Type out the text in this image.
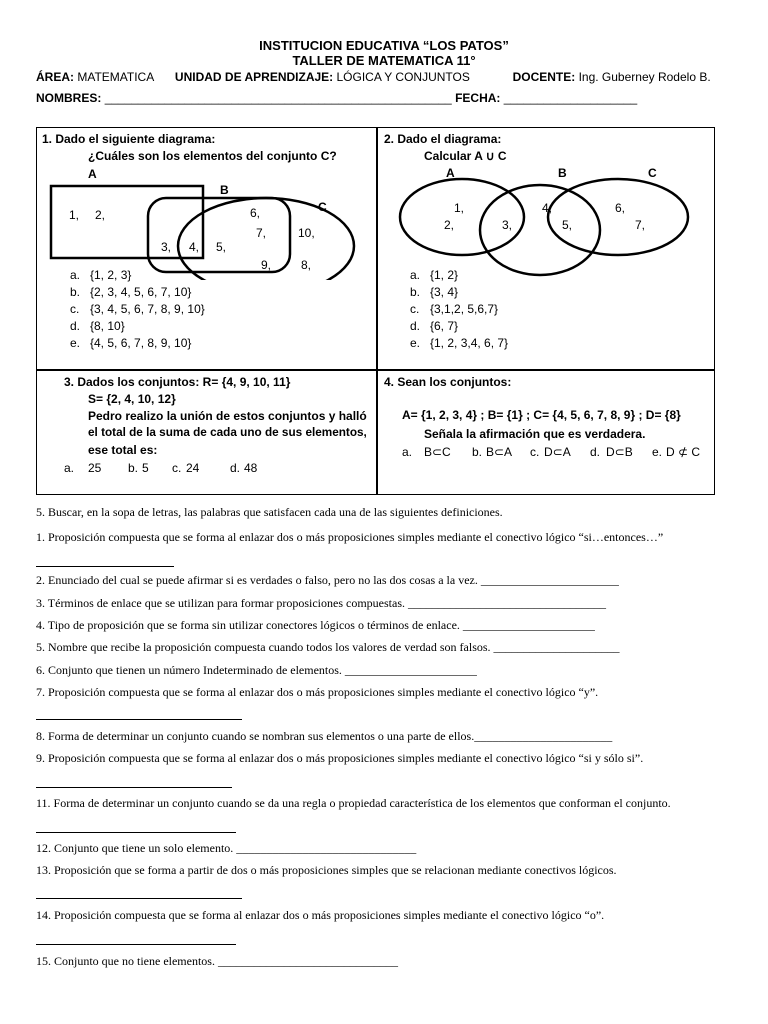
INSTITUCION EDUCATIVA “LOS PATOS”
TALLER DE MATEMATICA 11°
ÁREA: MATEMATICA UNIDAD DE APRENDIZAJE: LÓGICA Y CONJUNTOS	DOCENTE: Ing. Guberney Rodelo B.
NOMBRES: ____________________________________________________ FECHA: ____________________
1. Dado el siguiente diagrama:
¿Cuáles son los elementos del conjunto C?
A
B
C
1, 2,	6,
7,	10,
3, 4, 5,
9, 8,
a. {1, 2, 3}
b. {2, 3, 4, 5, 6, 7, 10}
c. {3, 4, 5, 6, 7, 8, 9, 10}
d. {8, 10}
e. {4, 5, 6, 7, 8, 9, 10}
2. Dado el diagrama:
Calcular A ∪ C
A	B	C
1,
2,	3,
4,
5,
6,
7,
a. {1, 2}
b. {3, 4}
c. {3,1,2, 5,6,7}
d. {6, 7}
e. {1, 2, 3,4, 6, 7}
3. Dados los conjuntos: R= {4, 9, 10, 11}
S= {2, 4, 10, 12}
Pedro realizo la unión de estos conjuntos y halló
el total de la suma de cada uno de sus elementos,
ese total es:
a. 25 b. 5 c. 24	d. 48
4. Sean los conjuntos:
A= {1, 2, 3, 4} ; B= {1} ; C= {4, 5, 6, 7, 8, 9} ; D= {8}
Señala la afirmación que es verdadera.
a. B⊂C b. B⊂A c. D⊂A d. D⊂B e. D ⊄ C
5. Buscar, en la sopa de letras, las palabras que satisfacen cada una de las siguientes definiciones.
1. Proposición compuesta que se forma al enlazar dos o más proposiciones simples mediante el conectivo lógico “si…entonces…”
2. Enunciado del cual se puede afirmar si es verdades o falso, pero no las dos cosas a la vez. _______________________
3. Términos de enlace que se utilizan para formar proposiciones compuestas. _________________________________
4. Tipo de proposición que se forma sin utilizar conectores lógicos o términos de enlace. ______________________
5. Nombre que recibe la proposición compuesta cuando todos los valores de verdad son falsos. _____________________
6. Conjunto que tienen un número Indeterminado de elementos. ______________________
7. Proposición compuesta que se forma al enlazar dos o más proposiciones simples mediante el conectivo lógico “y”.
8. Forma de determinar un conjunto cuando se nombran sus elementos o una parte de ellos._______________________
9. Proposición compuesta que se forma al enlazar dos o más proposiciones simples mediante el conectivo lógico “si y sólo si”.
11. Forma de determinar un conjunto cuando se da una regla o propiedad característica de los elementos que conforman el conjunto.
12. Conjunto que tiene un solo elemento. ______________________________
13. Proposición que se forma a partir de dos o más proposiciones simples que se relacionan mediante conectivos lógicos.
14. Proposición compuesta que se forma al enlazar dos o más proposiciones simples mediante el conectivo lógico “o”.
15. Conjunto que no tiene elementos. ______________________________
